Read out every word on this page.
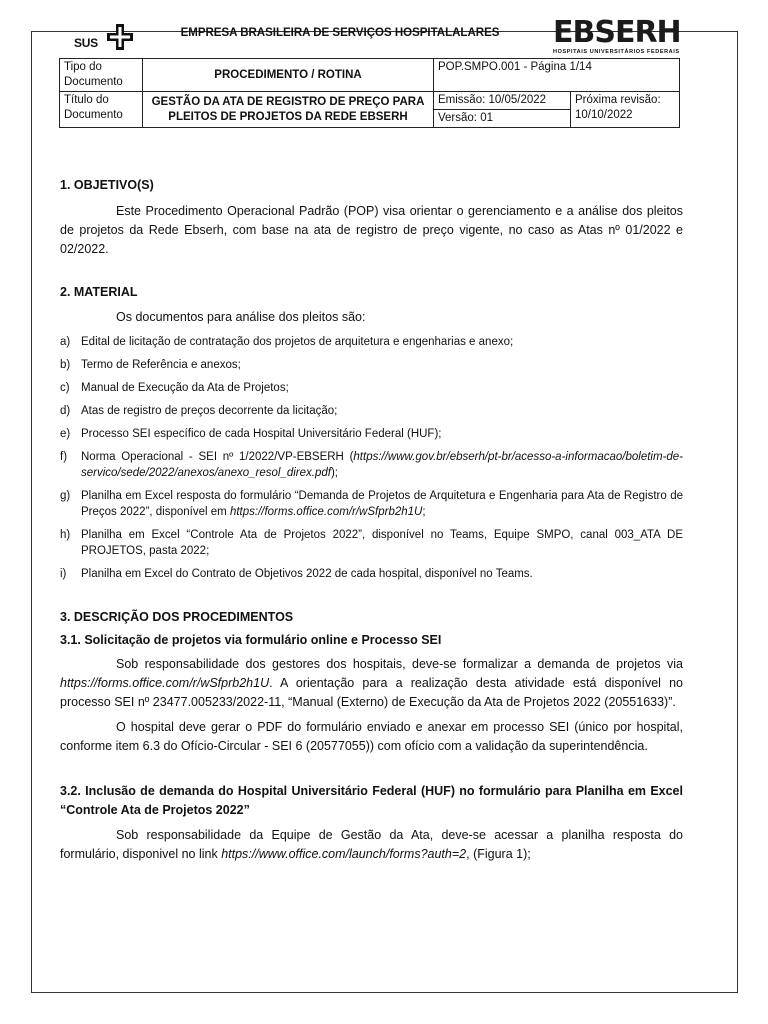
SUS
EMPRESA BRASILEIRA DE SERVIÇOS HOSPITALALARES	EBSERH
HOSPITAIS UNIVERSITÁRIOS FEDERAIS
Tipo do Documento	PROCEDIMENTO / ROTINA	POP.SMPO.001 - Página 1/14	
Título do Documento	GESTÃO DA ATA DE REGISTRO DE PREÇO PARA PLEITOS DE PROJETOS DA REDE EBSERH	Emissão: 10/05/2022	Próxima revisão: 10/10/2022
		Versão: 01	
1. OBJETIVO(S)

Este Procedimento Operacional Padrão (POP) visa orientar o gerenciamento e a análise dos pleitos de projetos da Rede Ebserh, com base na ata de registro de preço vigente, no caso as Atas nº 01/2022 e 02/2022.

2. MATERIAL

Os documentos para análise dos pleitos são:

a) Edital de licitação de contratação dos projetos de arquitetura e engenharias e anexo;
b) Termo de Referência e anexos;
c) Manual de Execução da Ata de Projetos;
d) Atas de registro de preços decorrente da licitação;
e) Processo SEI específico de cada Hospital Universitário Federal (HUF);
f)	Norma Operacional - SEI nº 1/2022/VP-EBSERH (https://www.gov.br/ebserh/pt-br/acesso-a-informacao/boletim-de-servico/sede/2022/anexos/anexo_resol_direx.pdf);
g) Planilha em Excel resposta do formulário “Demanda de Projetos de Arquitetura e Engenharia para Ata de Registro de Preços 2022”, disponível em https://forms.office.com/r/wSfprb2h1U;
h) Planilha em Excel “Controle Ata de Projetos 2022”, disponível no Teams, Equipe SMPO, canal 003_ATA DE PROJETOS, pasta 2022;
i)	Planilha em Excel do Contrato de Objetivos 2022 de cada hospital, disponível no Teams.
3. DESCRIÇÃO DOS PROCEDIMENTOS
3.1. Solicitação de projetos via formulário online e Processo SEI

Sob responsabilidade dos gestores dos hospitais, deve-se formalizar a demanda de projetos via https://forms.office.com/r/wSfprb2h1U. A orientação para a realização desta atividade está disponível no processo SEI nº 23477.005233/2022-11, “Manual (Externo) de Execução da Ata de Projetos 2022 (20551633)”.

O hospital deve gerar o PDF do formulário enviado e anexar em processo SEI (único por hospital, conforme item 6.3 do Ofício-Circular - SEI 6 (20577055)) com ofício com a validação da superintendência.

3.2. Inclusão de demanda do Hospital Universitário Federal (HUF) no formulário para Planilha em Excel “Controle Ata de Projetos 2022”

Sob responsabilidade da Equipe de Gestão da Ata, deve-se acessar a planilha resposta do formulário, disponivel no link https://www.office.com/launch/forms?auth=2, (Figura 1);
